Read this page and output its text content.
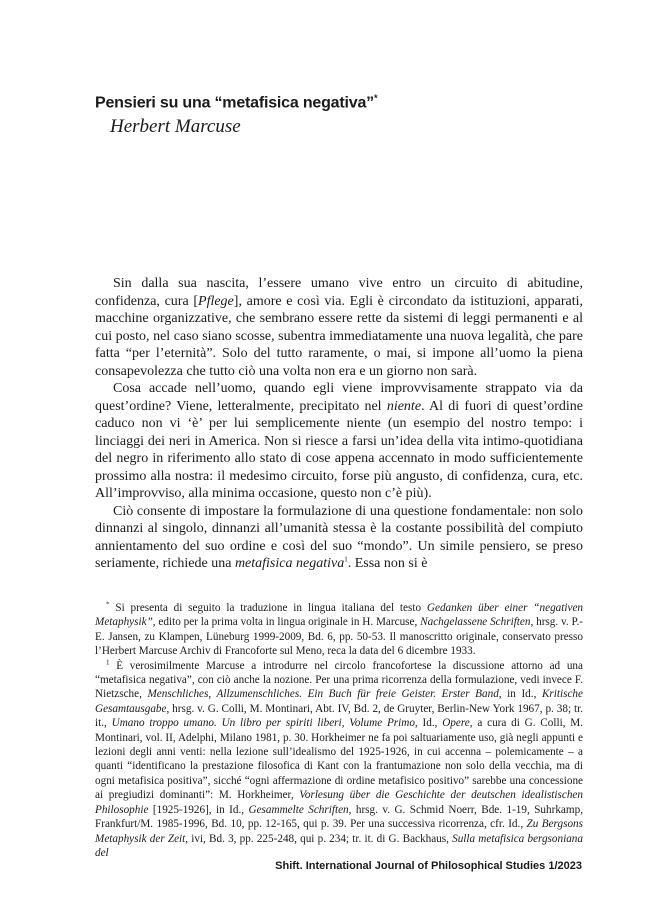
Pensieri su una “metafisica negativa”*

Herbert Marcuse

Sin dalla sua nascita, l’essere umano vive entro un circuito di abitudine, confidenza, cura [Pflege], amore e così via. Egli è circondato da istituzioni, apparati, macchine organizzative, che sembrano essere rette da sistemi di leggi permanenti e al cui posto, nel caso siano scosse, subentra immediatamente una nuova legalità, che pare fatta “per l’eternità”. Solo del tutto raramente, o mai, si impone all’uomo la piena consapevolezza che tutto ciò una volta non era e un giorno non sarà.

Cosa accade nell’uomo, quando egli viene improvvisamente strappato via da quest’ordine? Viene, letteralmente, precipitato nel niente. Al di fuori di quest’ordine caduco non vi ‘è’ per lui semplicemente niente (un esempio del nostro tempo: i linciaggi dei neri in America. Non si riesce a farsi un’idea della vita intimo-quotidiana del negro in riferimento allo stato di cose appena accennato in modo sufficientemente prossimo alla nostra: il medesimo circuito, forse più angusto, di confidenza, cura, etc. All’improvviso, alla minima occasione, questo non c’è più).

Ciò consente di impostare la formulazione di una questione fondamentale: non solo dinnanzi al singolo, dinnanzi all’umanità stessa è la costante possibilità del compiuto annientamento del suo ordine e così del suo “mondo”. Un simile pensiero, se preso seriamente, richiede una metafisica negativa$^1$. Essa non si è

* Si presenta di seguito la traduzione in lingua italiana del testo Gedanken über einer “negativen Metaphysik”, edito per la prima volta in lingua originale in H. Marcuse, Nachgelassene Schriften, hrsg. v. P.-E. Jansen, zu Klampen, Lüneburg 1999-2009, Bd. 6, pp. 50-53. Il manoscritto originale, conservato presso l’Herbert Marcuse Archiv di Francoforte sul Meno, reca la data del 6 dicembre 1933.

$^1$ È verosimilmente Marcuse a introdurre nel circolo francofortese la discussione attorno ad una “metafisica negativa”, con ciò anche la nozione. Per una prima ricorrenza della formulazione, vedi invece F. Nietzsche, Menschliches, Allzumenschliches. Ein Buch für freie Geister. Erster Band, in Id., Kritische Gesamtausgabe, hrsg. v. G. Colli, M. Montinari, Abt. IV, Bd. 2, de Gruyter, Berlin-New York 1967, p. 38; tr. it., Umano troppo umano. Un libro per spiriti liberi, Volume Primo, Id., Opere, a cura di G. Colli, M. Montinari, vol. II, Adelphi, Milano 1981, p. 30. Horkheimer ne fa poi saltuariamente uso, già negli appunti e lezioni degli anni venti: nella lezione sull’idealismo del 1925-1926, in cui accenna – polemicamente – a quanti “identificano la prestazione filosofica di Kant con la frantumazione non solo della vecchia, ma di ogni metafisica positiva”, sicché “ogni affermazione di ordine metafisico positivo” sarebbe una concessione ai pregiudizi dominanti”: M. Horkheimer, Vorlesung über die Geschichte der deutschen idealistischen Philosophie [1925-1926], in Id., Gesammelte Schriften, hrsg. v. G. Schmid Noerr, Bde. 1-19, Suhrkamp, Frankfurt/M. 1985-1996, Bd. 10, pp. 12-165, qui p. 39. Per una successiva ricorrenza, cfr. Id., Zu Bergsons Metaphysik der Zeit, ivi, Bd. 3, pp. 225-248, qui p. 234; tr. it. di G. Backhaus, Sulla metafisica bergsoniana del

Shift. International Journal of Philosophical Studies 1/2023
